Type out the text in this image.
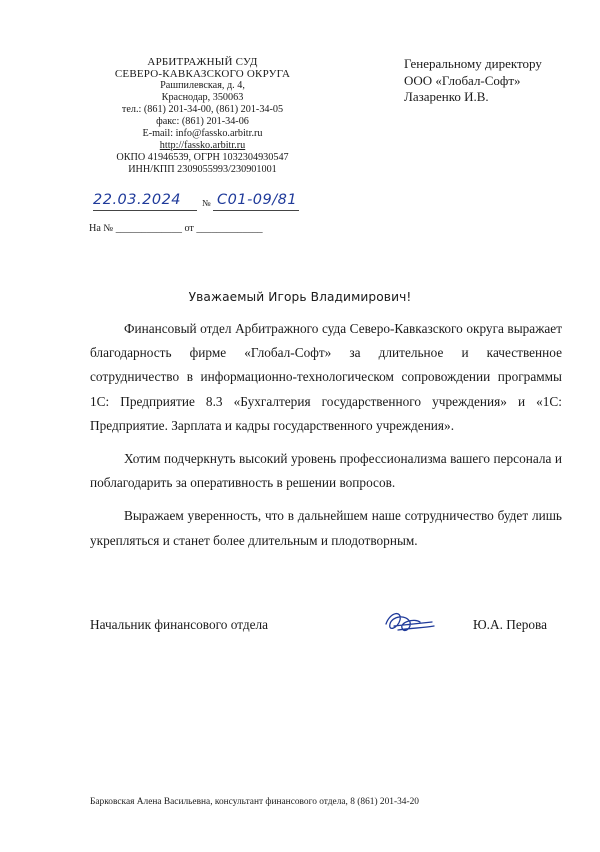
АРБИТРАЖНЫЙ СУД
СЕВЕРО-КАВКАЗСКОГО ОКРУГА
Рашпилевская, д. 4,
Краснодар, 350063
тел.: (861) 201-34-00, (861) 201-34-05
факс: (861) 201-34-06
E-mail: info@fassko.arbitr.ru
http://fassko.arbitr.ru
ОКПО 41946539, ОГРН 1032304930547
ИНН/КПП 2309055993/230901001
Генеральному директору
ООО «Глобал-Софт»
Лазаренко И.В.
22.03.2024 № С01-09/81
На № _____________ от _____________
Уважаемый Игорь Владимирович!

Финансовый отдел Арбитражного суда Северо-Кавказского округа выражает благодарность фирме «Глобал-Софт» за длительное и качественное сотрудничество в информационно-технологическом сопровождении программы 1С: Предприятие 8.3 «Бухгалтерия государственного учреждения» и «1С: Предприятие. Зарплата и кадры государственного учреждения».

Хотим подчеркнуть высокий уровень профессионализма вашего персонала и поблагодарить за оперативность в решении вопросов.

Выражаем уверенность, что в дальнейшем наше сотрудничество будет лишь укрепляться и станет более длительным и плодотворным.

Начальник финансового отдела	Ю.А. Перова
Барковская Алена Васильевна, консультант финансового отдела, 8 (861) 201-34-20
